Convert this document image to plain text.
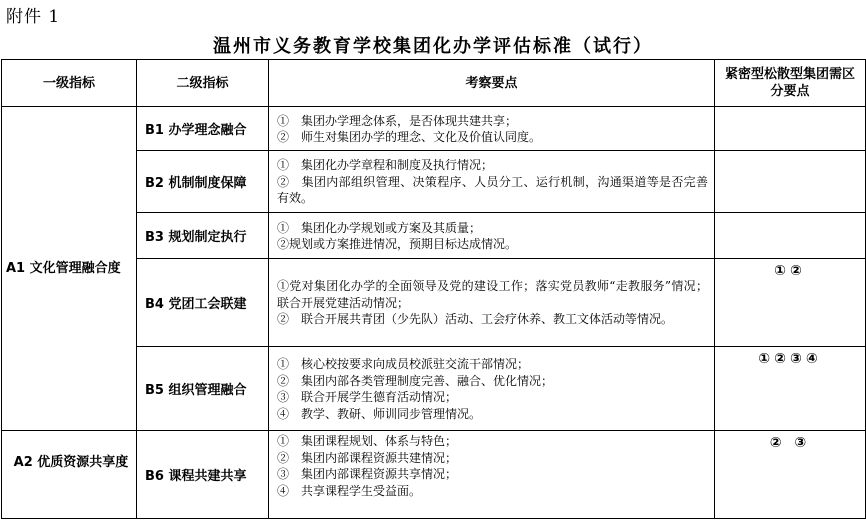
附件 1
温州市义务教育学校集团化办学评估标准（试行）
一级指标	二级指标	考察要点	紧密型松散型集团需区分要点
A1 文化管理融合度	B1 办学理念融合	①　集团办学理念体系，是否体现共建共享；
②　师生对集团办学的理念、文化及价值认同度。	

	B2 机制制度保障	①　集团化办学章程和制度及执行情况；
②　集团内部组织管理、决策程序、人员分工、运行机制，沟通渠道等是否完善有效。	

	B3 规划制定执行	①　集团化办学规划或方案及其质量；
②规划或方案推进情况，预期目标达成情况。	

	B4 党团工会联建	①党对集团化办学的全面领导及党的建设工作；落实党员教师“走教服务”情况；联合开展党建活动情况；
②　联合开展共青团（少先队）活动、工会疗休养、教工文体活动等情况。	①②
	B5 组织管理融合	①　核心校按要求向成员校派驻交流干部情况；
②　集团内部各类管理制度完善、融合、优化情况；
③　联合开展学生德育活动情况；
④　教学、教研、师训同步管理情况。	①②③④
A2 优质资源共享度	B6 课程共建共享	①　集团课程规划、体系与特色；
②　集团内部课程资源共建情况；
③　集团内部课程资源共享情况；
④　共享课程学生受益面。	② ③
